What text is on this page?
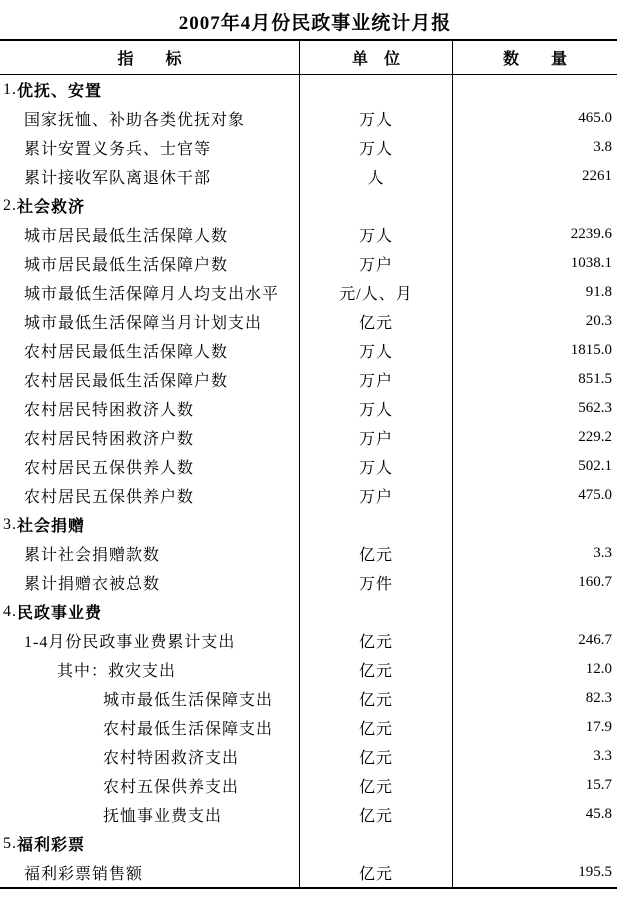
2007年4月份民政事业统计月报
指　　标	单　位	数　　量
1. 优抚、安置
国家抚恤、补助各类优抚对象	万人	465.0
累计安置义务兵、士官等	万人	3.8
累计接收军队离退休干部	人	2261
2. 社会救济
城市居民最低生活保障人数	万人	2239.6
城市居民最低生活保障户数	万户	1038.1
城市最低生活保障月人均支出水平	元/人、月	91.8
城市最低生活保障当月计划支出	亿元	20.3
农村居民最低生活保障人数	万人	1815.0
农村居民最低生活保障户数	万户	851.5
农村居民特困救济人数	万人	562.3
农村居民特困救济户数	万户	229.2
农村居民五保供养人数	万人	502.1
农村居民五保供养户数	万户	475.0
3. 社会捐赠
累计社会捐赠款数	亿元	3.3
累计捐赠衣被总数	万件	160.7
4. 民政事业费
1-4月份民政事业费累计支出	亿元	246.7
其中：救灾支出	亿元	12.0
城市最低生活保障支出	亿元	82.3
农村最低生活保障支出	亿元	17.9
农村特困救济支出	亿元	3.3
农村五保供养支出	亿元	15.7
抚恤事业费支出	亿元	45.8
5. 福利彩票
福利彩票销售额	亿元	195.5
